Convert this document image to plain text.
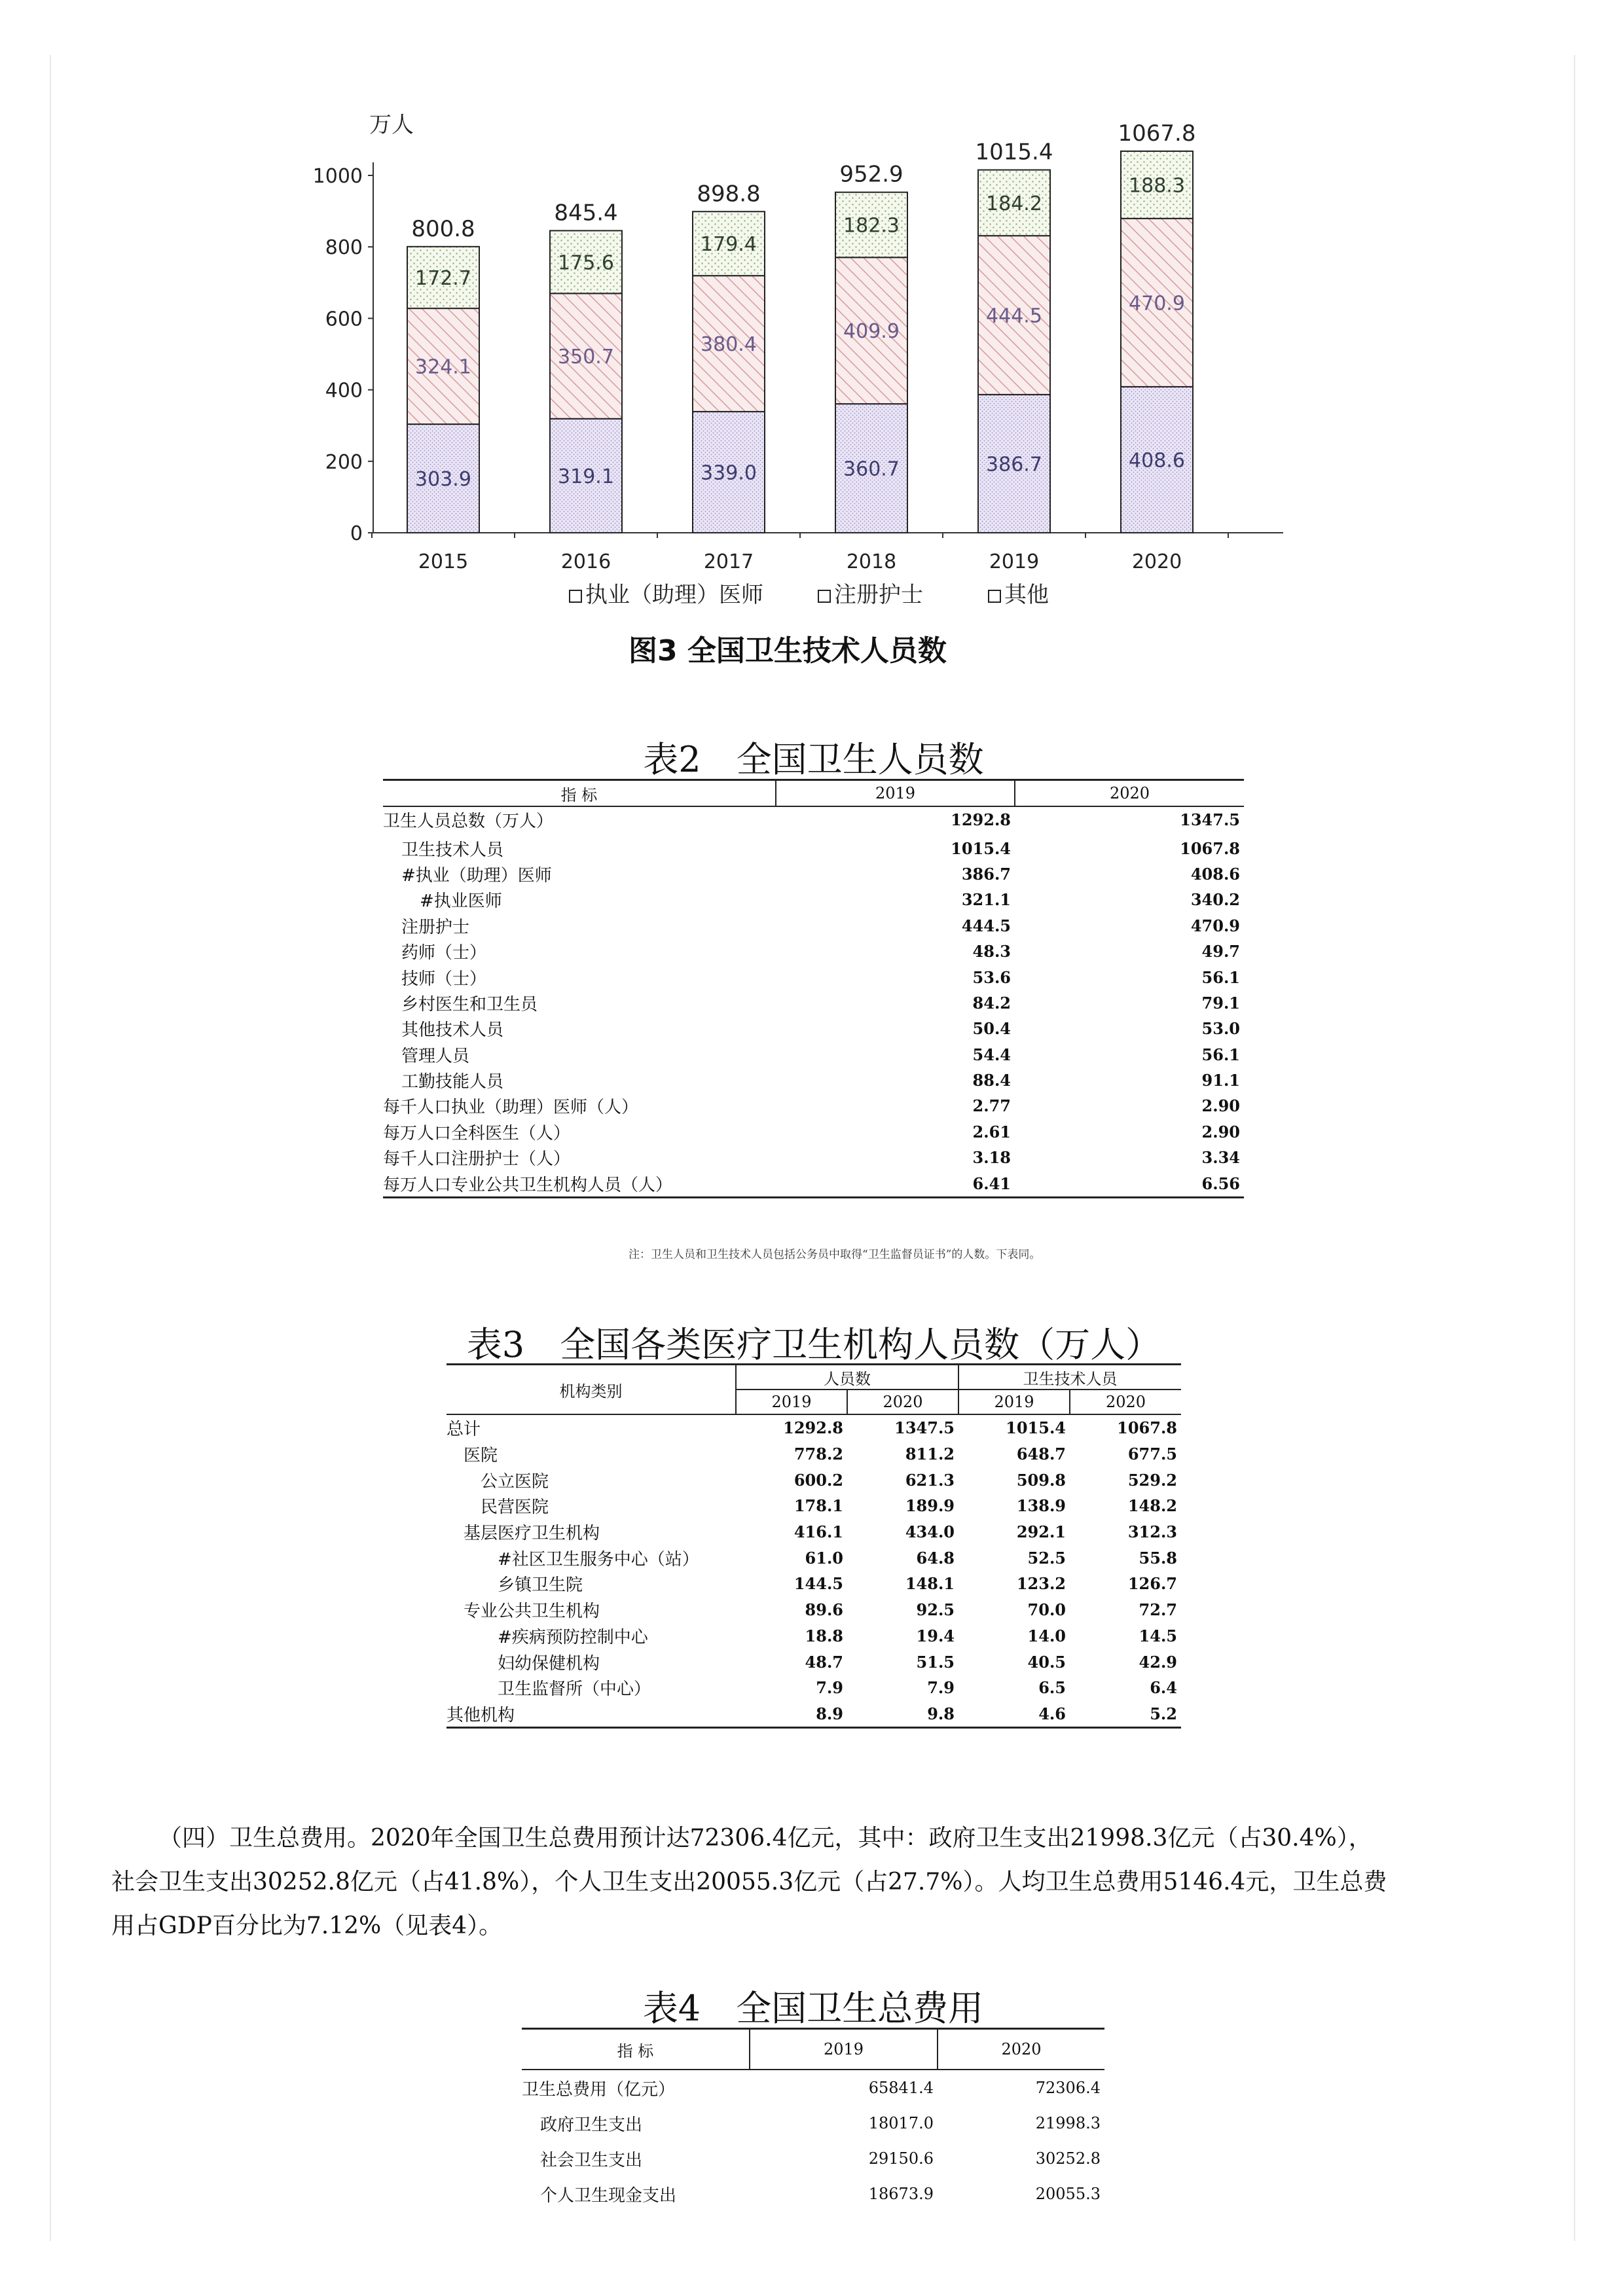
万人
0
200
400
600
800
1000
2015	2016	2017	2018	2019	2020
303.9
324.1
172.7
800.8
319.1
350.7
175.6
845.4
339.0
380.4
179.4
898.8
360.7
409.9
182.3
952.9
386.7
444.5
184.2
1015.4
408.6
470.9
188.3
1067.8
执业（助理）医师	注册护士	其他
图3 全国卫生技术人员数
表2　全国卫生人员数
指 标	2019	2020
卫生人员总数（万人）	1292.8	1347.5
卫生技术人员	1015.4	1067.8
#执业（助理）医师	386.7	408.6
#执业医师	321.1	340.2
注册护士	444.5	470.9
药师（士）	48.3	49.7
技师（士）	53.6	56.1
乡村医生和卫生员	84.2	79.1
其他技术人员	50.4	53.0
管理人员	54.4	56.1
工勤技能人员	88.4	91.1
每千人口执业（助理）医师（人）	2.77	2.90
每万人口全科医生（人）	2.61	2.90
每千人口注册护士（人）	3.18	3.34
每万人口专业公共卫生机构人员（人）	6.41	6.56
注：卫生人员和卫生技术人员包括公务员中取得“卫生监督员证书”的人数。下表同。
表3　全国各类医疗卫生机构人员数（万人）
机构类别	人员数		卫生技术人员	
	2019	2020	2019	2020
总计	1292.8	1347.5	1015.4	1067.8
医院	778.2	811.2	648.7	677.5
公立医院	600.2	621.3	509.8	529.2
民营医院	178.1	189.9	138.9	148.2
基层医疗卫生机构	416.1	434.0	292.1	312.3
#社区卫生服务中心（站）	61.0	64.8	52.5	55.8
乡镇卫生院	144.5	148.1	123.2	126.7
专业公共卫生机构	89.6	92.5	70.0	72.7
#疾病预防控制中心	18.8	19.4	14.0	14.5
妇幼保健机构	48.7	51.5	40.5	42.9
卫生监督所（中心）	7.9	7.9	6.5	6.4
其他机构	8.9	9.8	4.6	5.2
（四）卫生总费用。2020年全国卫生总费用预计达72306.4亿元，其中：政府卫生支出21998.3亿元（占30.4%），
社会卫生支出30252.8亿元（占41.8%），个人卫生支出20055.3亿元（占27.7%）。人均卫生总费用5146.4元，卫生总费
用占GDP百分比为7.12%（见表4）。
表4　全国卫生总费用
指 标	2019	2020
卫生总费用（亿元）	65841.4	72306.4
政府卫生支出	18017.0	21998.3
社会卫生支出	29150.6	30252.8
个人卫生现金支出	18673.9	20055.3
